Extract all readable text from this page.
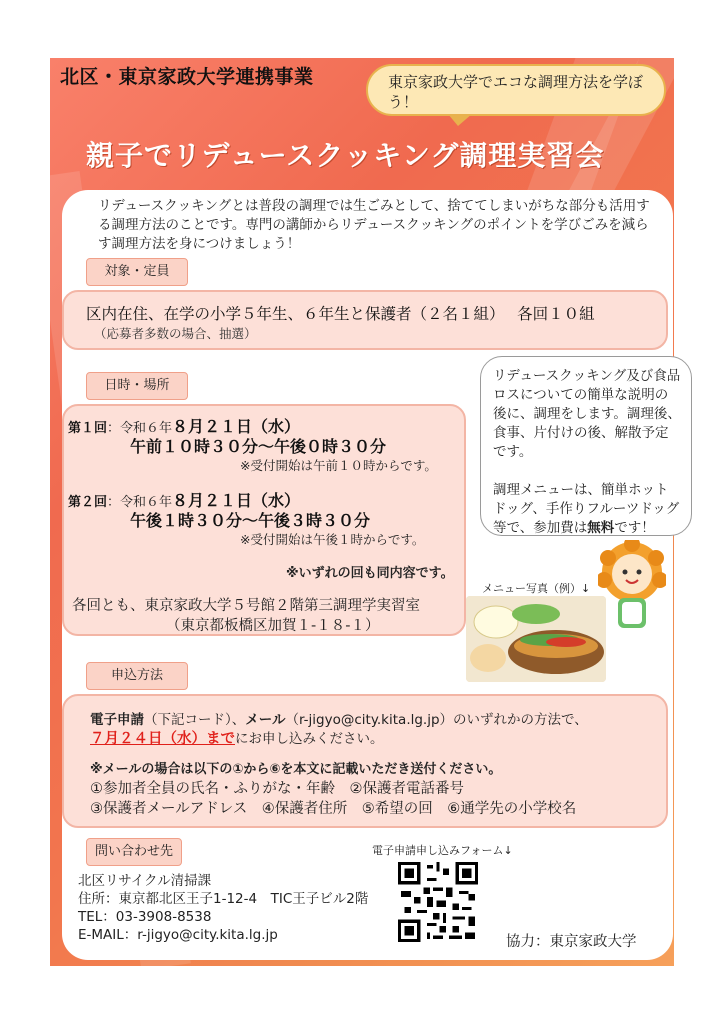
北区・東京家政大学連携事業	東京家政大学でエコな調理方法を学ぼう！
親子でリデュースクッキング調理実習会
リデュースクッキングとは普段の調理では生ごみとして、捨ててしまいがちな部分も活用する調理方法のことです。専門の講師からリデュースクッキングのポイントを学びごみを減らす調理方法を身につけましょう！
対象・定員
区内在住、在学の小学５年生、６年生と保護者（２名１組）　 各回１０組
（応募者多数の場合、抽選）
日時・場所
第１回：令和６年８月２１日（水）
午前１０時３０分～午後０時３０分
※受付開始は午前１０時からです。
第２回：令和６年８月２１日（水）
午後１時３０分～午後３時３０分
※受付開始は午後１時からです。
※いずれの回も同内容です。
各回とも、東京家政大学５号館２階第三調理学実習室
（東京都板橋区加賀１-１８-１）

リデュースクッキング及び食品ロスについての簡単な説明の後に、調理をします。調理後、食事、片付けの後、解散予定です。

調理メニューは、簡単ホットドッグ、手作りフルーツドッグ等で、参加費は無料です！

メニュー写真（例）↓
申込方法
電子申請（下記コード）、メール（r-jigyo@city.kita.lg.jp）のいずれかの方法で、
７月２４日（水）までにお申し込みください。
※メールの場合は以下の①から⑥を本文に記載いただき送付ください。
①参加者全員の氏名・ふりがな・年齢　②保護者電話番号
③保護者メールアドレス　④保護者住所　⑤希望の回　⑥通学先の小学校名
問い合わせ先
北区リサイクル清掃課
住所：東京都北区王子1-12-4　TIC王子ビル2階
TEL：03-3908-8538
E-MAIL：r-jigyo@city.kita.lg.jp
電子申請申し込みフォーム↓
協力：東京家政大学
